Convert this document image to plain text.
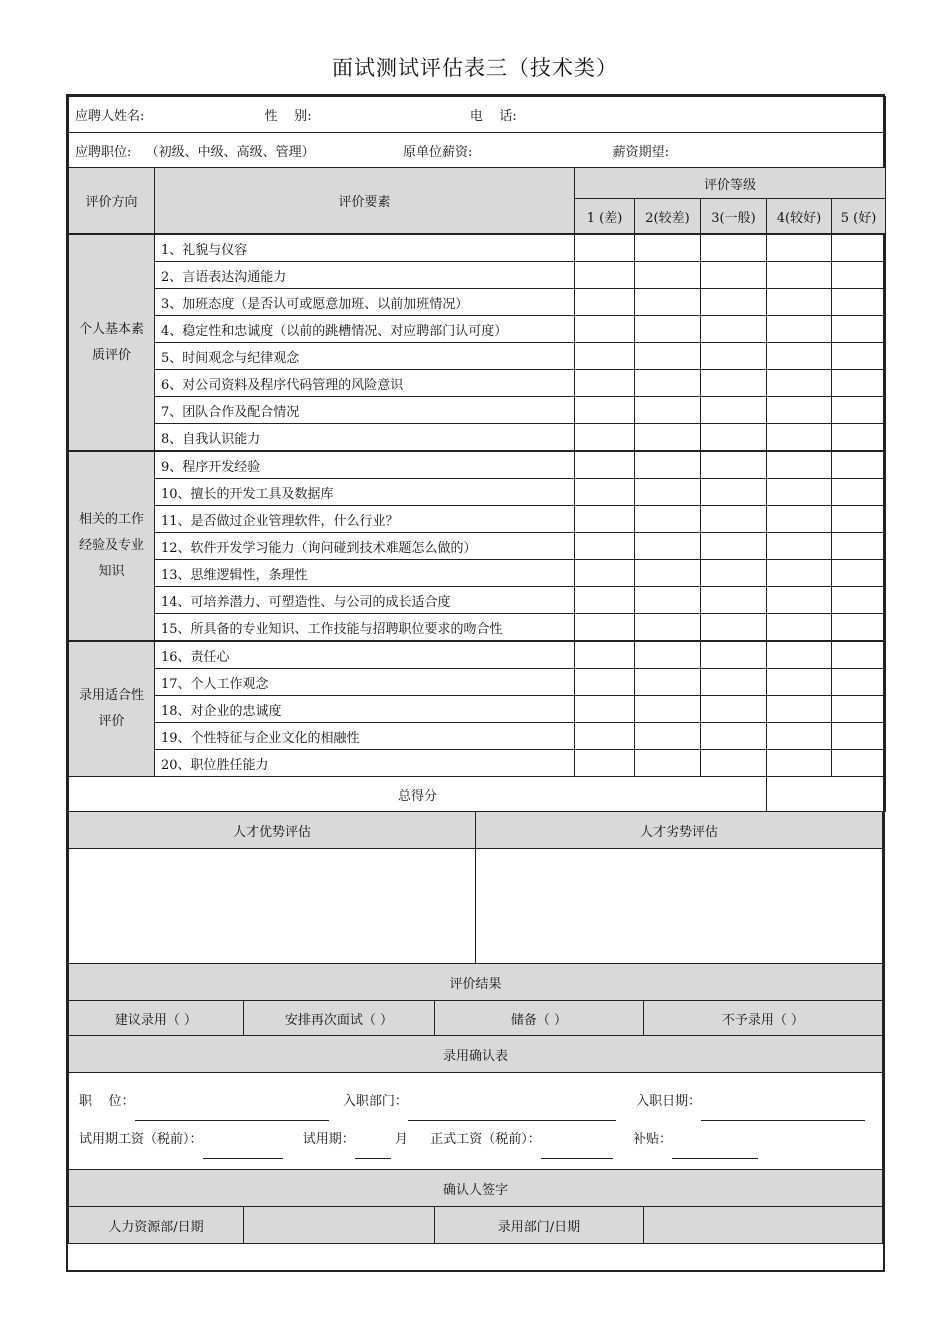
面试测试评估表三（技术类）
应聘人姓名: 性    别: 电    话:						
应聘职位: （初级、中级、高级、管理） 原单位薪资: 薪资期望:						
评价方向	评价要素	评价等级				
		1 (差)	2(较差)	3(一般)	4(较好)	5 (好)
个人基本素质评价	1、礼貌与仪容					
	2、言语表达沟通能力					
	3、加班态度（是否认可或愿意加班、以前加班情况）					
	4、稳定性和忠诚度（以前的跳槽情况、对应聘部门认可度）					
	5、时间观念与纪律观念					
	6、对公司资料及程序代码管理的风险意识					
	7、团队合作及配合情况					
	8、自我认识能力					
相关的工作经验及专业知识	9、程序开发经验					
	10、擅长的开发工具及数据库					
	11、是否做过企业管理软件，什么行业？					
	12、软件开发学习能力（询问碰到技术难题怎么做的）					
	13、思维逻辑性，条理性					
	14、可培养潜力、可塑造性、与公司的成长适合度					
	15、所具备的专业知识、工作技能与招聘职位要求的吻合性					
录用适合性评价	16、责任心					
	17、个人工作观念					
	18、对企业的忠诚度					
	19、个性特征与企业文化的相融性					
	20、职位胜任能力					
总得分						
人才优势评估	人才劣势评估

评价结果			
建议录用（ ）	安排再次面试（ ）	储备（ ）	不予录用（ ）
录用确认表			

职    位： 入职部门： 入职日期：
试用期工资（税前）： 试用期： 月 正式工资（税前）： 补贴：			

确认人签字			
人力资源部/日期		录用部门/日期	
